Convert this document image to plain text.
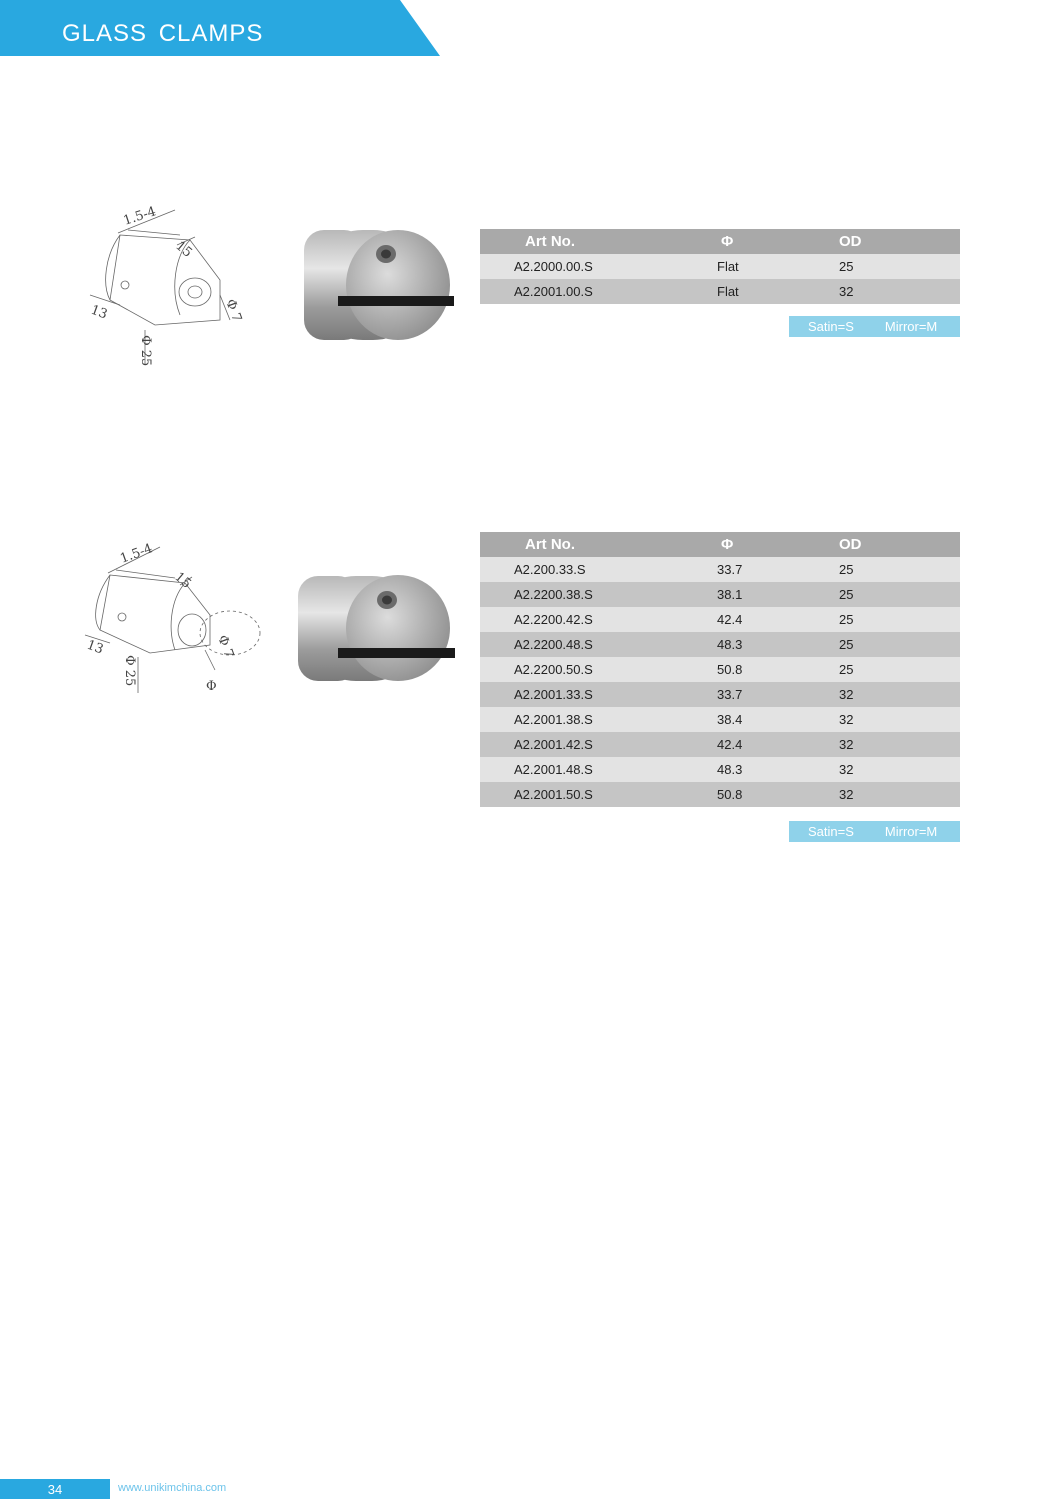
GLASS CLAMPS
1.5-4
15
13
Φ 25
Φ 7
Art No.	Φ	OD
A2.2000.00.S	Flat	25
A2.2001.00.S	Flat	32
Satin=S Mirror=M
1.5-4
15
13
Φ 25
Φ 7
Φ
Art No.	Φ	OD
A2.200.33.S	33.7	25
A2.2200.38.S	38.1	25
A2.2200.42.S	42.4	25
A2.2200.48.S	48.3	25
A2.2200.50.S	50.8	25
A2.2001.33.S	33.7	32
A2.2001.38.S	38.4	32
A2.2001.42.S	42.4	32
A2.2001.48.S	48.3	32
A2.2001.50.S	50.8	32
Satin=S Mirror=M
34	www.unikimchina.com
